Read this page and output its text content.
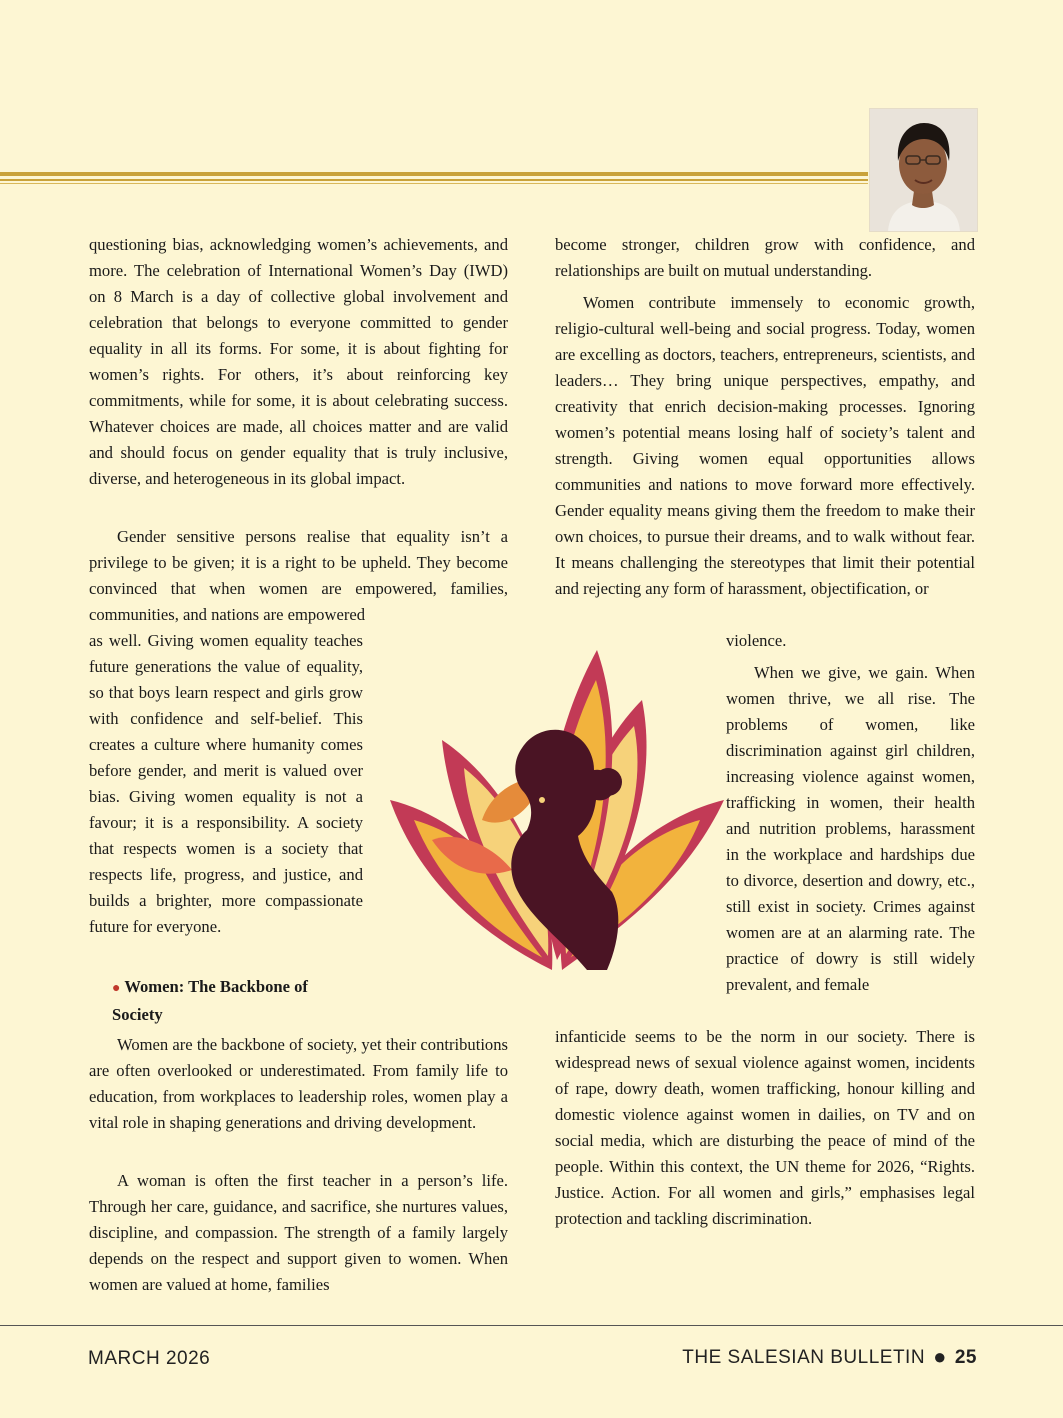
questioning bias, acknowledging women’s achievements, and more. The celebration of International Women’s Day (IWD) on 8 March is a day of collective global involvement and celebration that belongs to everyone committed to gender equality in all its forms. For some, it is about fighting for women’s rights. For others, it’s about reinforcing key commitments, while for some, it is about celebrating success. Whatever choices are made, all choices matter and are valid and should focus on gender equality that is truly inclusive, diverse, and heterogeneous in its global impact.

Gender sensitive persons realise that equality isn’t a privilege to be given; it is a right to be upheld. They become convinced that when women are empowered, families, communities, and nations are empowered

as well. Giving women equality teaches future generations the value of equality, so that boys learn respect and girls grow with confidence and self-belief. This creates a culture where humanity comes before gender, and merit is valued over bias. Giving women equality is not a favour; it is a responsibility. A society that respects women is a society that respects life, progress, and justice, and builds a brighter, more compassionate future for everyone.

● Women: The Backbone of Society

Women are the backbone of society, yet their contributions are often overlooked or underestimated. From family life to education, from workplaces to leadership roles, women play a vital role in shaping generations and driving development.

A woman is often the first teacher in a person’s life. Through her care, guidance, and sacrifice, she nurtures values, discipline, and compassion. The strength of a family largely depends on the respect and support given to women. When women are valued at home, families

become stronger, children grow with confidence, and relationships are built on mutual understanding.

Women contribute immensely to economic growth, religio-cultural well-being and social progress. Today, women are excelling as doctors, teachers, entrepreneurs, scientists, and leaders… They bring unique perspectives, empathy, and creativity that enrich decision-making processes. Ignoring women’s potential means losing half of society’s talent and strength. Giving women equal opportunities allows communities and nations to move forward more effectively. Gender equality means giving them the freedom to make their own choices, to pursue their dreams, and to walk without fear. It means challenging the stereotypes that limit their potential and rejecting any form of harassment, objectification, or

violence.

When we give, we gain. When women thrive, we all rise. The problems of women, like discrimination against girl children, increasing violence against women, trafficking in women, their health and nutrition problems, harassment in the workplace and hardships due to divorce, desertion and dowry, etc., still exist in society. Crimes against women are at an alarming rate. The practice of dowry is still widely prevalent, and female

infanticide seems to be the norm in our society. There is widespread news of sexual violence against women, incidents of rape, dowry death, women trafficking, honour killing and domestic violence against women in dailies, on TV and on social media, which are disturbing the peace of mind of the people. Within this context, the UN theme for 2026, “Rights. Justice. Action. For all women and girls,” emphasises legal protection and tackling discrimination.

MARCH 2026	THE SALESIAN BULLETIN ● 25
